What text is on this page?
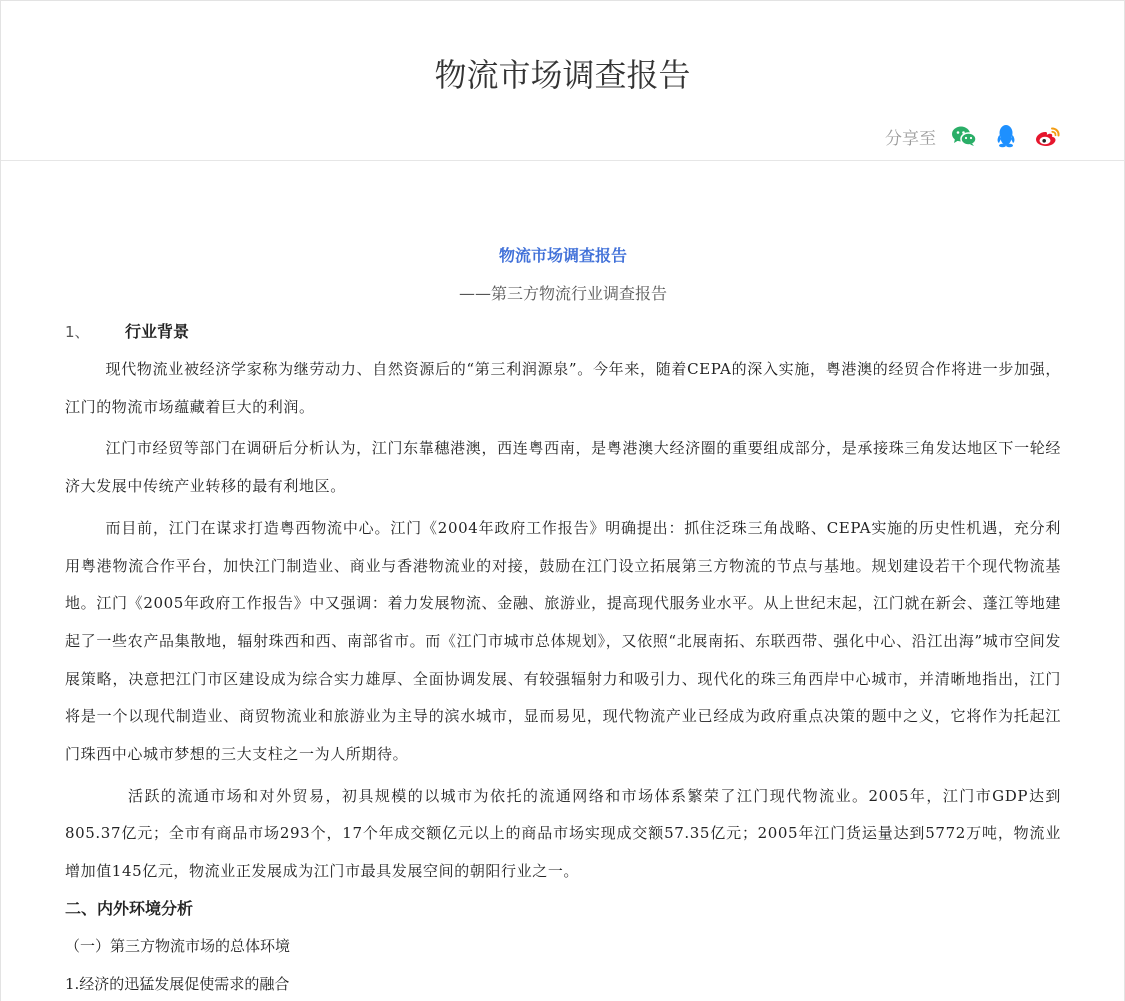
物流市场调查报告
分享至
物流市场调查报告
——第三方物流行业调查报告
1、	行业背景

现代物流业被经济学家称为继劳动力、自然资源后的“第三利润源泉”。今年来，随着CEPA的深入实施，粤港澳的经贸合作将进一步加强，江门的物流市场蕴藏着巨大的利润。

江门市经贸等部门在调研后分析认为，江门东靠穗港澳，西连粤西南，是粤港澳大经济圈的重要组成部分，是承接珠三角发达地区下一轮经济大发展中传统产业转移的最有利地区。

而目前，江门在谋求打造粤西物流中心。江门《2004年政府工作报告》明确提出：抓住泛珠三角战略、CEPA实施的历史性机遇，充分利用粤港物流合作平台，加快江门制造业、商业与香港物流业的对接，鼓励在江门设立拓展第三方物流的节点与基地。规划建设若干个现代物流基地。江门《2005年政府工作报告》中又强调：着力发展物流、金融、旅游业，提高现代服务业水平。从上世纪末起，江门就在新会、蓬江等地建起了一些农产品集散地，辐射珠西和西、南部省市。而《江门市城市总体规划》，又依照“北展南拓、东联西带、强化中心、沿江出海”城市空间发展策略，决意把江门市区建设成为综合实力雄厚、全面协调发展、有较强辐射力和吸引力、现代化的珠三角西岸中心城市，并清晰地指出，江门将是一个以现代制造业、商贸物流业和旅游业为主导的滨水城市，显而易见，现代物流产业已经成为政府重点决策的题中之义，它将作为托起江门珠西中心城市梦想的三大支柱之一为人所期待。

活跃的流通市场和对外贸易，初具规模的以城市为依托的流通网络和市场体系繁荣了江门现代物流业。2005年，江门市GDP达到805.37亿元；全市有商品市场293个，17个年成交额亿元以上的商品市场实现成交额57.35亿元；2005年江门货运量达到5772万吨，物流业增加值145亿元，物流业正发展成为江门市最具发展空间的朝阳行业之一。

二、内外环境分析
（一）第三方物流市场的总体环境
1.经济的迅猛发展促使需求的融合
